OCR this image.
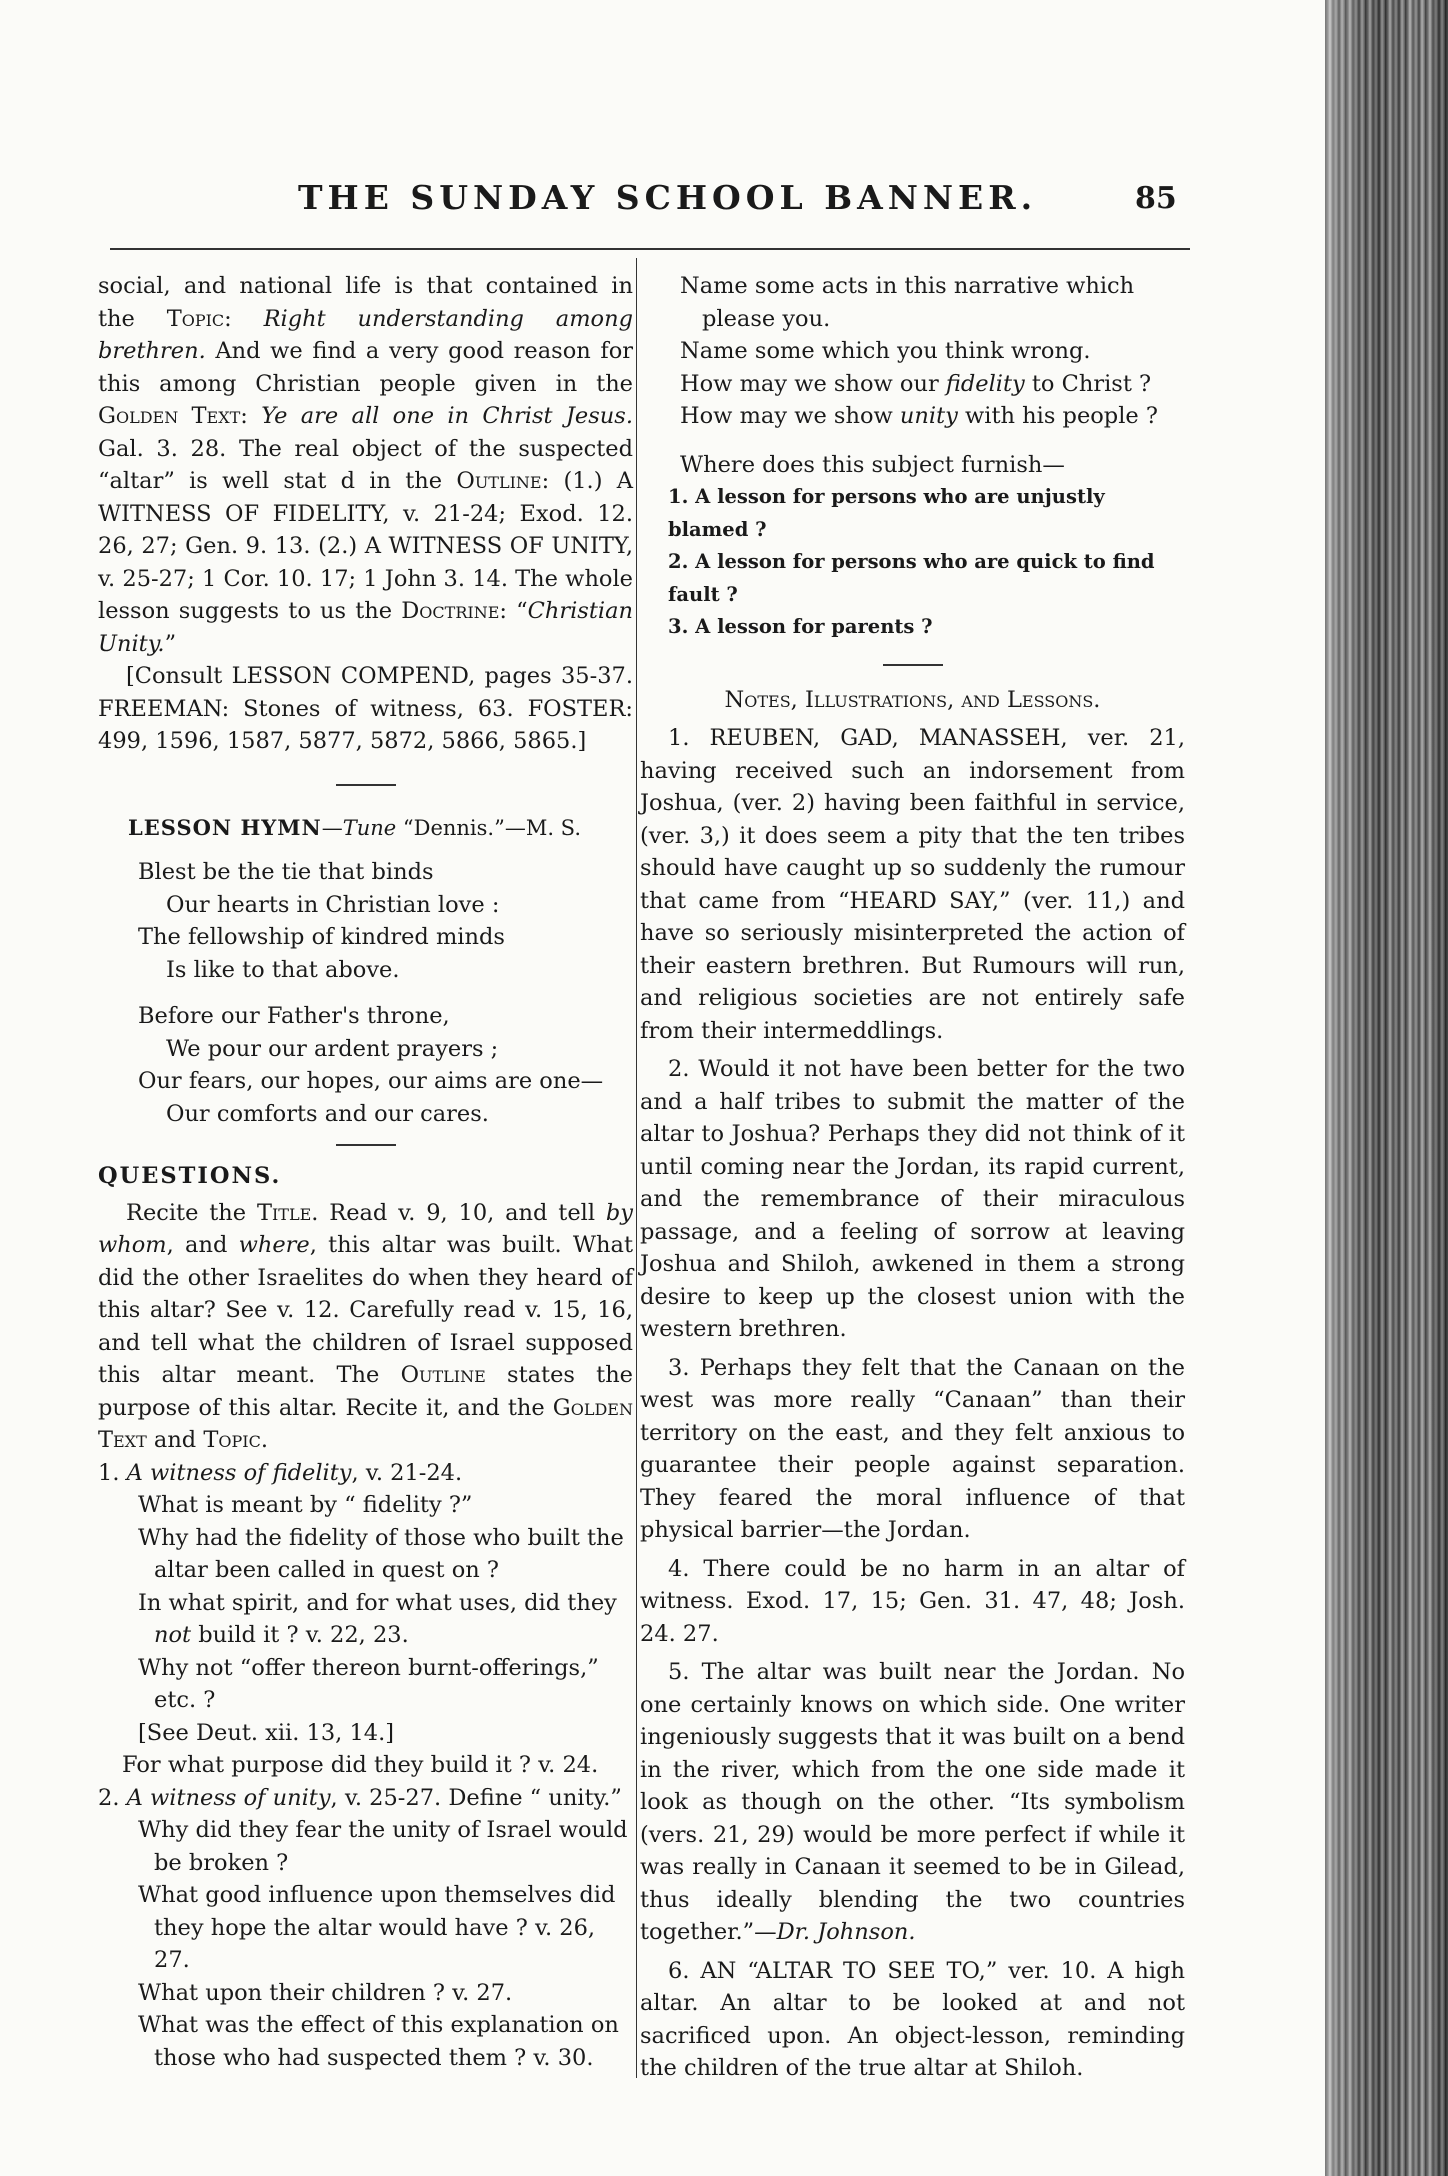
THE SUNDAY SCHOOL BANNER.	85

social, and national life is that contained in the Topic: Right understanding among brethren. And we find a very good reason for this among Christian people given in the Golden Text: Ye are all one in Christ Jesus. Gal. 3. 28. The real object of the suspected “altar” is well stat d in the Outline: (1.) A WITNESS OF FIDELITY, v. 21-24; Exod. 12. 26, 27; Gen. 9. 13. (2.) A WITNESS OF UNITY, v. 25-27; 1 Cor. 10. 17; 1 John 3. 14. The whole lesson suggests to us the Doctrine: “Christian Unity.”

[Consult LESSON COMPEND, pages 35-37. FREEMAN: Stones of witness, 63. FOSTER: 499, 1596, 1587, 5877, 5872, 5866, 5865.]

LESSON HYMN—Tune “Dennis.”—M. S.

Blest be the tie that binds

Our hearts in Christian love :

The fellowship of kindred minds

Is like to that above.

Before our Father's throne,

We pour our ardent prayers ;

Our fears, our hopes, our aims are one—

Our comforts and our cares.

QUESTIONS.

Recite the Title. Read v. 9, 10, and tell by whom, and where, this altar was built. What did the other Israelites do when they heard of this altar? See v. 12. Carefully read v. 15, 16, and tell what the children of Israel supposed this altar meant. The Outline states the purpose of this altar. Recite it, and the Golden Text and Topic.

1. A witness of fidelity, v. 21-24.

What is meant by “ fidelity ?”

Why had the fidelity of those who built the altar been called in quest on ?

In what spirit, and for what uses, did they not build it ? v. 22, 23.

Why not “offer thereon burnt-offerings,” etc. ?

[See Deut. xii. 13, 14.]

For what purpose did they build it ? v. 24.

2. A witness of unity, v. 25-27. Define “ unity.”

Why did they fear the unity of Israel would be broken ?

What good influence upon themselves did they hope the altar would have ? v. 26, 27.

What upon their children ? v. 27.

What was the effect of this explanation on those who had suspected them ? v. 30.

Name some acts in this narrative which please you.

Name some which you think wrong.

How may we show our fidelity to Christ ?

How may we show unity with his people ?

Where does this subject furnish—

1. A lesson for persons who are unjustly blamed ?

2. A lesson for persons who are quick to find fault ?

3. A lesson for parents ?

Notes, Illustrations, and Lessons.

1. REUBEN, GAD, MANASSEH, ver. 21, having received such an indorsement from Joshua, (ver. 2) having been faithful in service, (ver. 3,) it does seem a pity that the ten tribes should have caught up so suddenly the rumour that came from “HEARD SAY,” (ver. 11,) and have so seriously misinterpreted the action of their eastern brethren. But Rumours will run, and religious societies are not entirely safe from their intermeddlings.

2. Would it not have been better for the two and a half tribes to submit the matter of the altar to Joshua? Perhaps they did not think of it until coming near the Jordan, its rapid current, and the remembrance of their miraculous passage, and a feeling of sorrow at leaving Joshua and Shiloh, awkened in them a strong desire to keep up the closest union with the western brethren.

3. Perhaps they felt that the Canaan on the west was more really “Canaan” than their territory on the east, and they felt anxious to guarantee their people against separation. They feared the moral influence of that physical barrier—the Jordan.

4. There could be no harm in an altar of witness. Exod. 17, 15; Gen. 31. 47, 48; Josh. 24. 27.

5. The altar was built near the Jordan. No one certainly knows on which side. One writer ingeniously suggests that it was built on a bend in the river, which from the one side made it look as though on the other. “Its symbolism (vers. 21, 29) would be more perfect if while it was really in Canaan it seemed to be in Gilead, thus ideally blending the two countries together.”—Dr. Johnson.

6. AN “ALTAR TO SEE TO,” ver. 10. A high altar. An altar to be looked at and not sacrificed upon. An object-lesson, reminding the children of the true altar at Shiloh.
